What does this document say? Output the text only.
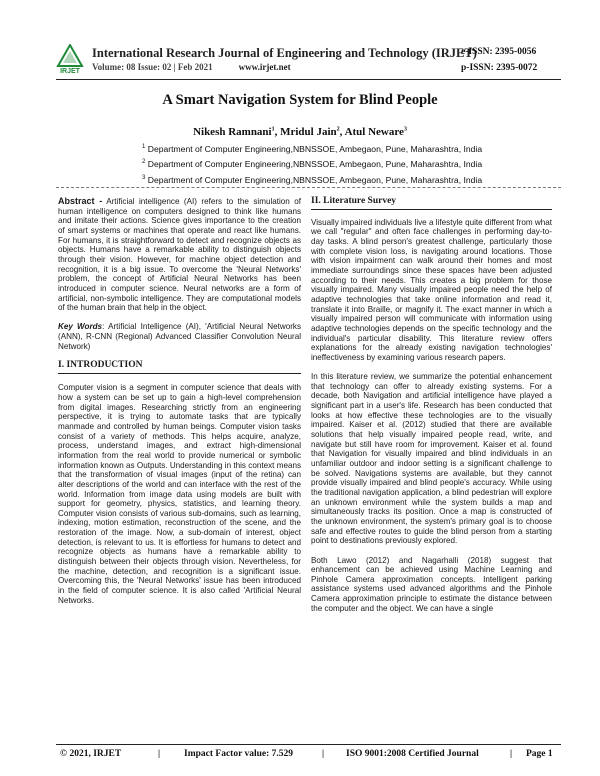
IRJET
International Research Journal of Engineering and Technology (IRJET)
e-ISSN: 2395-0056
Volume: 08 Issue: 02 | Feb 2021	www.irjet.net	p-ISSN: 2395-0072
A Smart Navigation System for Blind People
Nikesh Ramnani$^1$, Mridul Jain$^2$, Atul Neware$^3$
$^1$ Department of Computer Engineering,NBNSSOE, Ambegaon, Pune, Maharashtra, India
$^2$ Department of Computer Engineering,NBNSSOE, Ambegaon, Pune, Maharashtra, India
$^3$ Department of Computer Engineering,NBNSSOE, Ambegaon, Pune, Maharashtra, India

Abstract - Artificial intelligence (AI) refers to the simulation of human intelligence on computers designed to think like humans and imitate their actions. Science gives importance to the creation of smart systems or machines that operate and react like humans. For humans, it is straightforward to detect and recognize objects as objects. Humans have a remarkable ability to distinguish objects through their vision. However, for machine object detection and recognition, it is a big issue. To overcome the 'Neural Networks' problem, the concept of Artificial Neural Networks has been introduced in computer science. Neural networks are a form of artificial, non-symbolic intelligence. They are computational models of the human brain that help in the object.

Key Words: Artificial Intelligence (AI), 'Artificial Neural Networks (ANN), R-CNN (Regional) Advanced Classifier Convolution Neural Network)

I. INTRODUCTION

Computer vision is a segment in computer science that deals with how a system can be set up to gain a high-level comprehension from digital images. Researching strictly from an engineering perspective, it is trying to automate tasks that are typically manmade and controlled by human beings. Computer vision tasks consist of a variety of methods. This helps acquire, analyze, process, understand images, and extract high-dimensional information from the real world to provide numerical or symbolic information known as Outputs. Understanding in this context means that the transformation of visual images (input of the retina) can alter descriptions of the world and can interface with the rest of the world. Information from image data using models are built with support for geometry, physics, statistics, and learning theory. Computer vision consists of various sub-domains, such as learning, indexing, motion estimation, reconstruction of the scene, and the restoration of the image. Now, a sub-domain of interest, object detection, is relevant to us. It is effortless for humans to detect and recognize objects as humans have a remarkable ability to distinguish between their objects through vision. Nevertheless, for the machine, detection, and recognition is a significant issue. Overcoming this, the 'Neural Networks' issue has been introduced in the field of computer science. It is also called 'Artificial Neural Networks.

II. Literature Survey

Visually impaired individuals live a lifestyle quite different from what we call "regular" and often face challenges in performing day-to-day tasks. A blind person's greatest challenge, particularly those with complete vision loss, is navigating around locations. Those with vision impairment can walk around their homes and most immediate surroundings since these spaces have been adjusted according to their needs. This creates a big problem for those visually impaired. Many visually impaired people need the help of adaptive technologies that take online information and read it, translate it into Braille, or magnify it. The exact manner in which a visually impaired person will communicate with information using adaptive technologies depends on the specific technology and the individual's particular disability. This literature review offers explanations for the already existing navigation technologies' ineffectiveness by examining various research papers.

In this literature review, we summarize the potential enhancement that technology can offer to already existing systems. For a decade, both Navigation and artificial intelligence have played a significant part in a user's life. Research has been conducted that looks at how effective these technologies are to the visually impaired. Kaiser et al. (2012) studied that there are available solutions that help visually impaired people read, write, and navigate but still have room for improvement. Kaiser et al. found that Navigation for visually impaired and blind individuals in an unfamiliar outdoor and indoor setting is a significant challenge to be solved. Navigations systems are available, but they cannot provide visually impaired and blind people's accuracy. While using the traditional navigation application, a blind pedestrian will explore an unknown environment while the system builds a map and simultaneously tracks its position. Once a map is constructed of the unknown environment, the system's primary goal is to choose safe and effective routes to guide the blind person from a starting point to destinations previously explored.

Both Lawo (2012) and Nagarhalli (2018) suggest that enhancement can be achieved using Machine Learning and Pinhole Camera approximation concepts. Intelligent parking assistance systems used advanced algorithms and the Pinhole Camera approximation principle to estimate the distance between the computer and the object. We can have a single

© 2021, IRJET	|	Impact Factor value: 7.529	| ISO 9001:2008 Certified Journal	| Page 1
